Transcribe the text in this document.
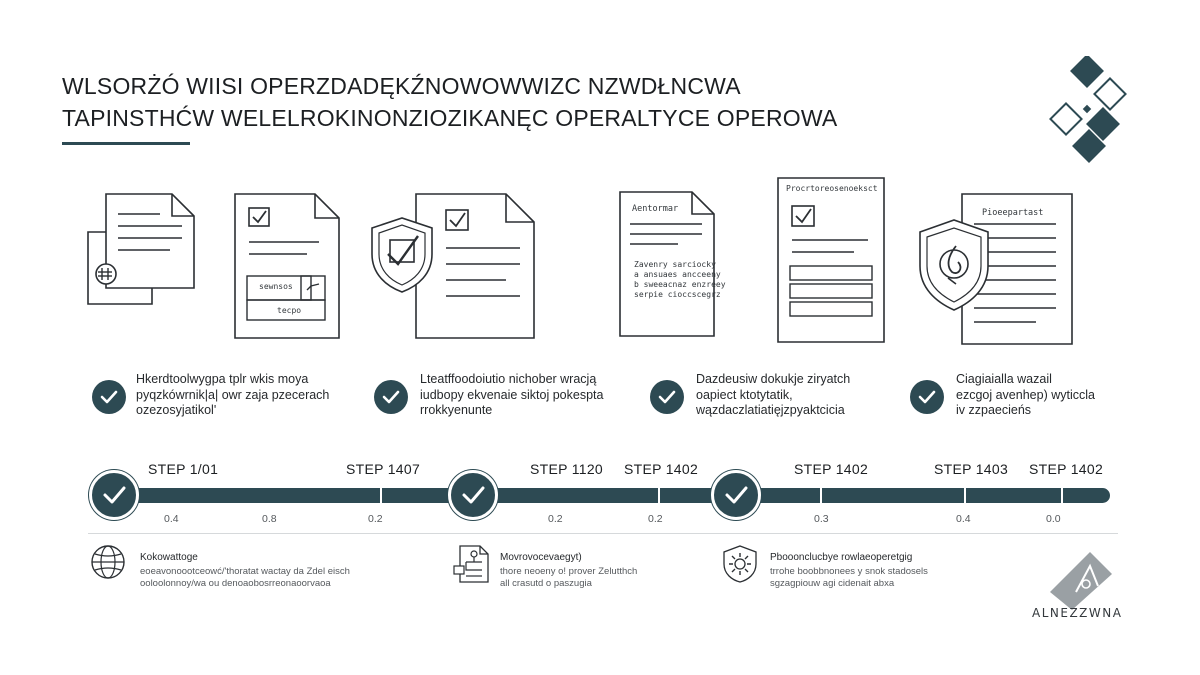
WLSORŻÓ WIISI OPERZDADĘKŹNOWOWWIZC NZWDŁNCWA
TAPINSTHĆW WELELROKINONZIOZIKANĘC OPERALTYCE OPEROWA
sewnsos
tecpo
Aentormar
Zavenry sarciocky
a ansuaes ancceeny
b sweeacnaz enzreey
serpie cioccscegrz
Procrtoreosenoeksct
Pioeepartast
Hkerdtoolwygpa tplr wkis moya
pyqzkówrnik|a| owr zaja pzecerach
ozezosyjatikol'
Lteatffoodoiutio nichober wracją
iudbopy ekvenaie siktoj pokespta
rrokkyenunte
Dazdeusiw dokukje ziryatch
oapiect ktotytatik,
wązdaczlatiatięjzpyaktcicia
Ciagiaialla wazail
ezcgoj avenhep) wyticcla
iv zzpaecieńs
STEP 1/01	STEP 1407	STEP 1120 STEP 1402	STEP 1402	STEP 1403 STEP 1402
0.4	0.8	0.2	0.2	0.2	0.3	0.4	0.0
Kokowattoge
eoeavonoootceowć/'thoratat wactay da Zdel eisch
ooloolonnoy/wa ou denoaobosrreonaoorvaoa
Movrovocevaegyt)
thore neoeny o! prover Zelutthch
all crasutd o paszugia
Pbooonclucbye rowlaeoperetgig
trrohe boobbnonees y snok stadosels
sgzagpiouw agi cidenait abxa
ALNEZZWNA
